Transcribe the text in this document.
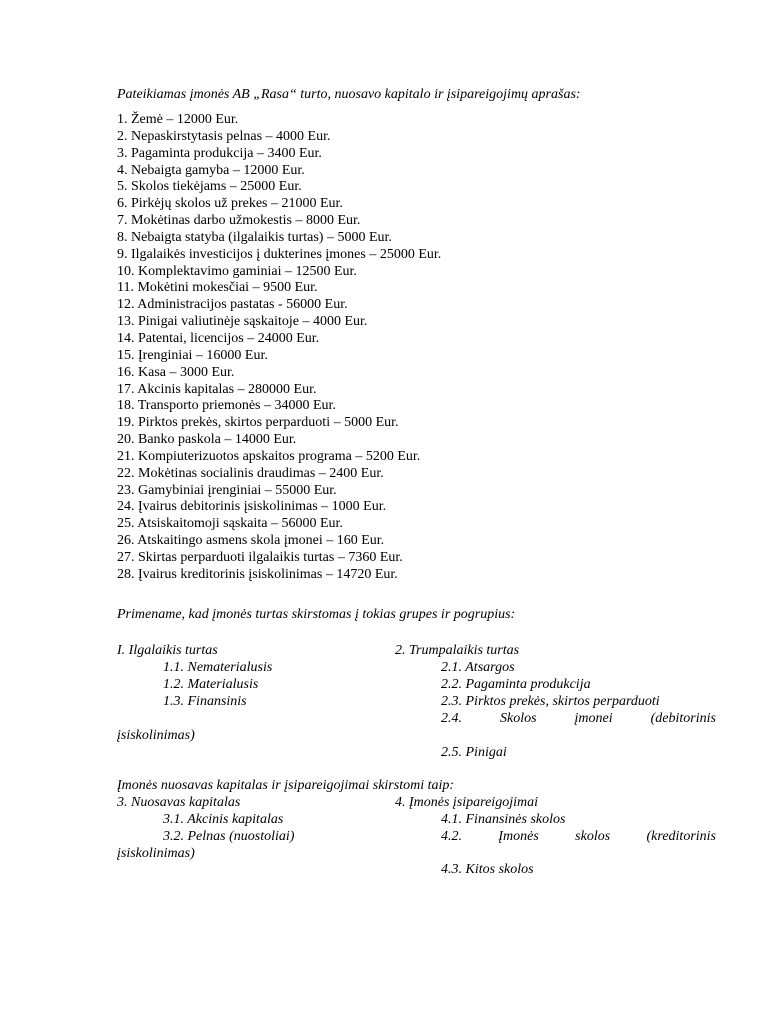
Pateikiamas įmonės AB „Rasa“ turto, nuosavo kapitalo ir įsipareigojimų aprašas:
1. Žemė – 12000 Eur.
2. Nepaskirstytasis pelnas – 4000 Eur.
3. Pagaminta produkcija – 3400 Eur.
4. Nebaigta gamyba – 12000 Eur.
5. Skolos tiekėjams – 25000 Eur.
6. Pirkėjų skolos už prekes – 21000 Eur.
7. Mokėtinas darbo užmokestis – 8000 Eur.
8. Nebaigta statyba (ilgalaikis turtas) – 5000 Eur.
9. Ilgalaikės investicijos į dukterines įmones – 25000 Eur.
10. Komplektavimo gaminiai – 12500 Eur.
11. Mokėtini mokesčiai – 9500 Eur.
12. Administracijos pastatas - 56000 Eur.
13. Pinigai valiutinėje sąskaitoje – 4000 Eur.
14. Patentai, licencijos – 24000 Eur.
15. Įrenginiai – 16000 Eur.
16. Kasa – 3000 Eur.
17. Akcinis kapitalas – 280000 Eur.
18. Transporto priemonės – 34000 Eur.
19. Pirktos prekės, skirtos perparduoti – 5000 Eur.
20. Banko paskola – 14000 Eur.
21. Kompiuterizuotos apskaitos programa – 5200 Eur.
22. Mokėtinas socialinis draudimas – 2400 Eur.
23. Gamybiniai įrenginiai – 55000 Eur.
24. Įvairus debitorinis įsiskolinimas – 1000 Eur.
25. Atsiskaitomoji sąskaita – 56000 Eur.
26. Atskaitingo asmens skola įmonei – 160 Eur.
27. Skirtas perparduoti ilgalaikis turtas – 7360 Eur.
28. Įvairus kreditorinis įsiskolinimas – 14720 Eur.
Primename, kad įmonės turtas skirstomas į tokias grupes ir pogrupius:
I. Ilgalaikis turtas
1.1. Nematerialusis
1.2. Materialusis
1.3. Finansinis
2. Trumpalaikis turtas
2.1. Atsargos
2.2. Pagaminta produkcija
2.3. Pirktos prekės, skirtos perparduoti
2.4.	Skolos	įmonei	(debitorinis
įsiskolinimas)
2.5. Pinigai
Įmonės nuosavas kapitalas ir įsipareigojimai skirstomi taip:
3. Nuosavas kapitalas
3.1. Akcinis kapitalas
3.2. Pelnas (nuostoliai)
4. Įmonės įsipareigojimai
4.1. Finansinės skolos
4.2.	Įmonės	skolos	(kreditorinis
įsiskolinimas)
4.3. Kitos skolos
